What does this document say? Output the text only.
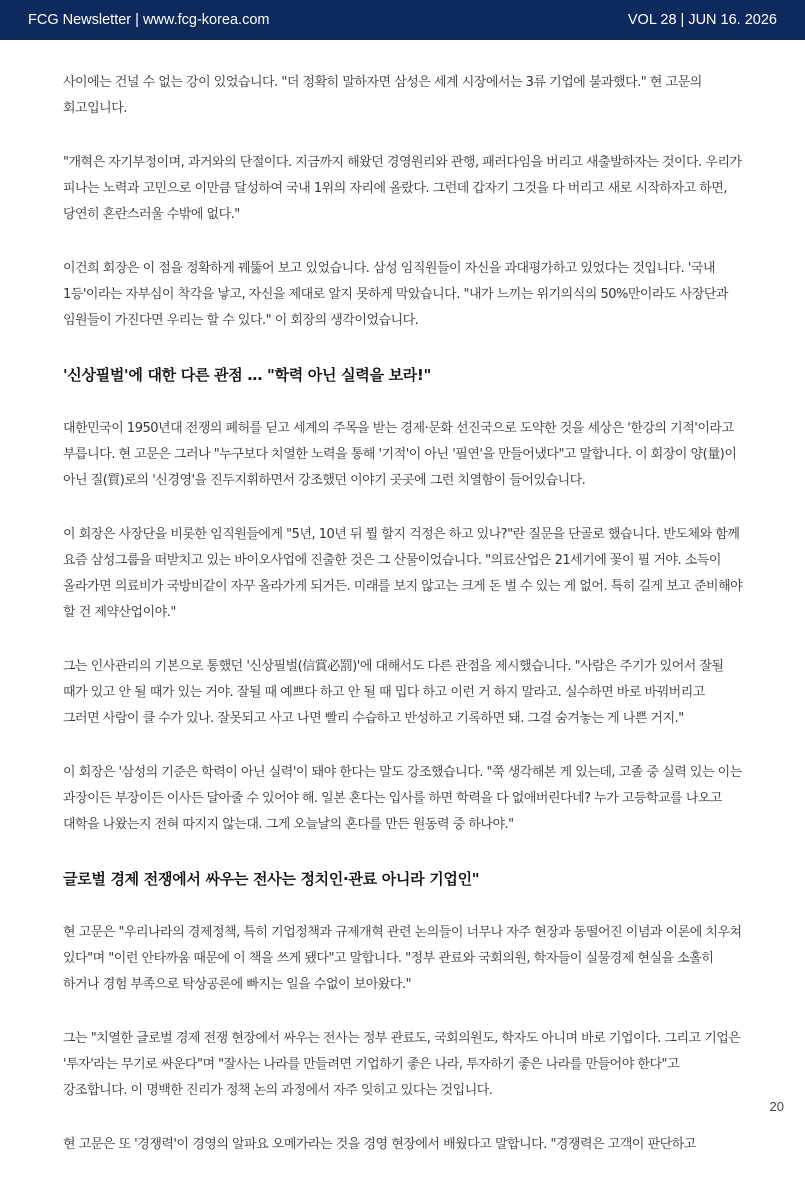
FCG Newsletter | www.fcg-korea.com	VOL 28 | JUN 16. 2026

사이에는 건널 수 없는 강이 있었습니다. "더 정확히 말하자면 삼성은 세계 시장에서는 3류 기업에 불과했다." 현 고문의 회고입니다.

"개혁은 자기부정이며, 과거와의 단절이다. 지금까지 해왔던 경영원리와 관행, 패러다임을 버리고 새출발하자는 것이다. 우리가 피나는 노력과 고민으로 이만큼 달성하여 국내 1위의 자리에 올랐다. 그런데 갑자기 그것을 다 버리고 새로 시작하자고 하면, 당연히 혼란스러울 수밖에 없다."

이건희 회장은 이 점을 정확하게 꿰뚫어 보고 있었습니다. 삼성 임직원들이 자신을 과대평가하고 있었다는 것입니다. '국내 1등'이라는 자부심이 착각을 낳고, 자신을 제대로 알지 못하게 막았습니다. "내가 느끼는 위기의식의 50%만이라도 사장단과 임원들이 가진다면 우리는 할 수 있다." 이 회장의 생각이었습니다.

'신상필벌'에 대한 다른 관점 … "학력 아닌 실력을 보라!"

대한민국이 1950년대 전쟁의 폐허를 딛고 세계의 주목을 받는 경제·문화 선진국으로 도약한 것을 세상은 '한강의 기적'이라고 부릅니다. 현 고문은 그러나 "누구보다 치열한 노력을 통해 '기적'이 아닌 '필연'을 만들어냈다"고 말합니다. 이 회장이 양(量)이 아닌 질(質)로의 '신경영'을 진두지휘하면서 강조했던 이야기 곳곳에 그런 치열함이 들어있습니다.

이 회장은 사장단을 비롯한 임직원들에게 "5년, 10년 뒤 뭘 할지 걱정은 하고 있나?"란 질문을 단골로 했습니다. 반도체와 함께 요즘 삼성그룹을 떠받치고 있는 바이오사업에 진출한 것은 그 산물이었습니다. "의료산업은 21세기에 꽃이 필 거야. 소득이 올라가면 의료비가 국방비같이 자꾸 올라가게 되거든. 미래를 보지 않고는 크게 돈 벌 수 있는 게 없어. 특히 길게 보고 준비해야 할 건 제약산업이야."

그는 인사관리의 기본으로 통했던 '신상필벌(信賞必罰)'에 대해서도 다른 관점을 제시했습니다. "사람은 주기가 있어서 잘될 때가 있고 안 될 때가 있는 거야. 잘될 때 예쁘다 하고 안 될 때 밉다 하고 이런 거 하지 말라고. 실수하면 바로 바꿔버리고 그러면 사람이 클 수가 있나. 잘못되고 사고 나면 빨리 수습하고 반성하고 기록하면 돼. 그걸 숨겨놓는 게 나쁜 거지."

이 회장은 '삼성의 기준은 학력이 아닌 실력'이 돼야 한다는 말도 강조했습니다. "쭉 생각해본 게 있는데, 고졸 중 실력 있는 이는 과장이든 부장이든 이사든 달아줄 수 있어야 해. 일본 혼다는 입사를 하면 학력을 다 없애버린다네? 누가 고등학교를 나오고 대학을 나왔는지 전혀 따지지 않는대. 그게 오늘날의 혼다를 만든 원동력 중 하나야."

글로벌 경제 전쟁에서 싸우는 전사는 정치인·관료 아니라 기업인"

현 고문은 "우리나라의 경제정책, 특히 기업정책과 규제개혁 관련 논의들이 너무나 자주 현장과 동떨어진 이념과 이론에 치우쳐 있다"며 "이런 안타까움 때문에 이 책을 쓰게 됐다"고 말합니다. "정부 관료와 국회의원, 학자들이 실물경제 현실을 소홀히 하거나 경험 부족으로 탁상공론에 빠지는 일을 수없이 보아왔다."

그는 "치열한 글로벌 경제 전쟁 현장에서 싸우는 전사는 정부 관료도, 국회의원도, 학자도 아니며 바로 기업이다. 그리고 기업은 '투자'라는 무기로 싸운다"며 "잘사는 나라를 만들려면 기업하기 좋은 나라, 투자하기 좋은 나라를 만들어야 한다"고 강조합니다. 이 명백한 진리가 정책 논의 과정에서 자주 잊히고 있다는 것입니다.

현 고문은 또 '경쟁력'이 경영의 알파요 오메가라는 것을 경영 현장에서 배웠다고 말합니다. "경쟁력은 고객이 판단하고

20
